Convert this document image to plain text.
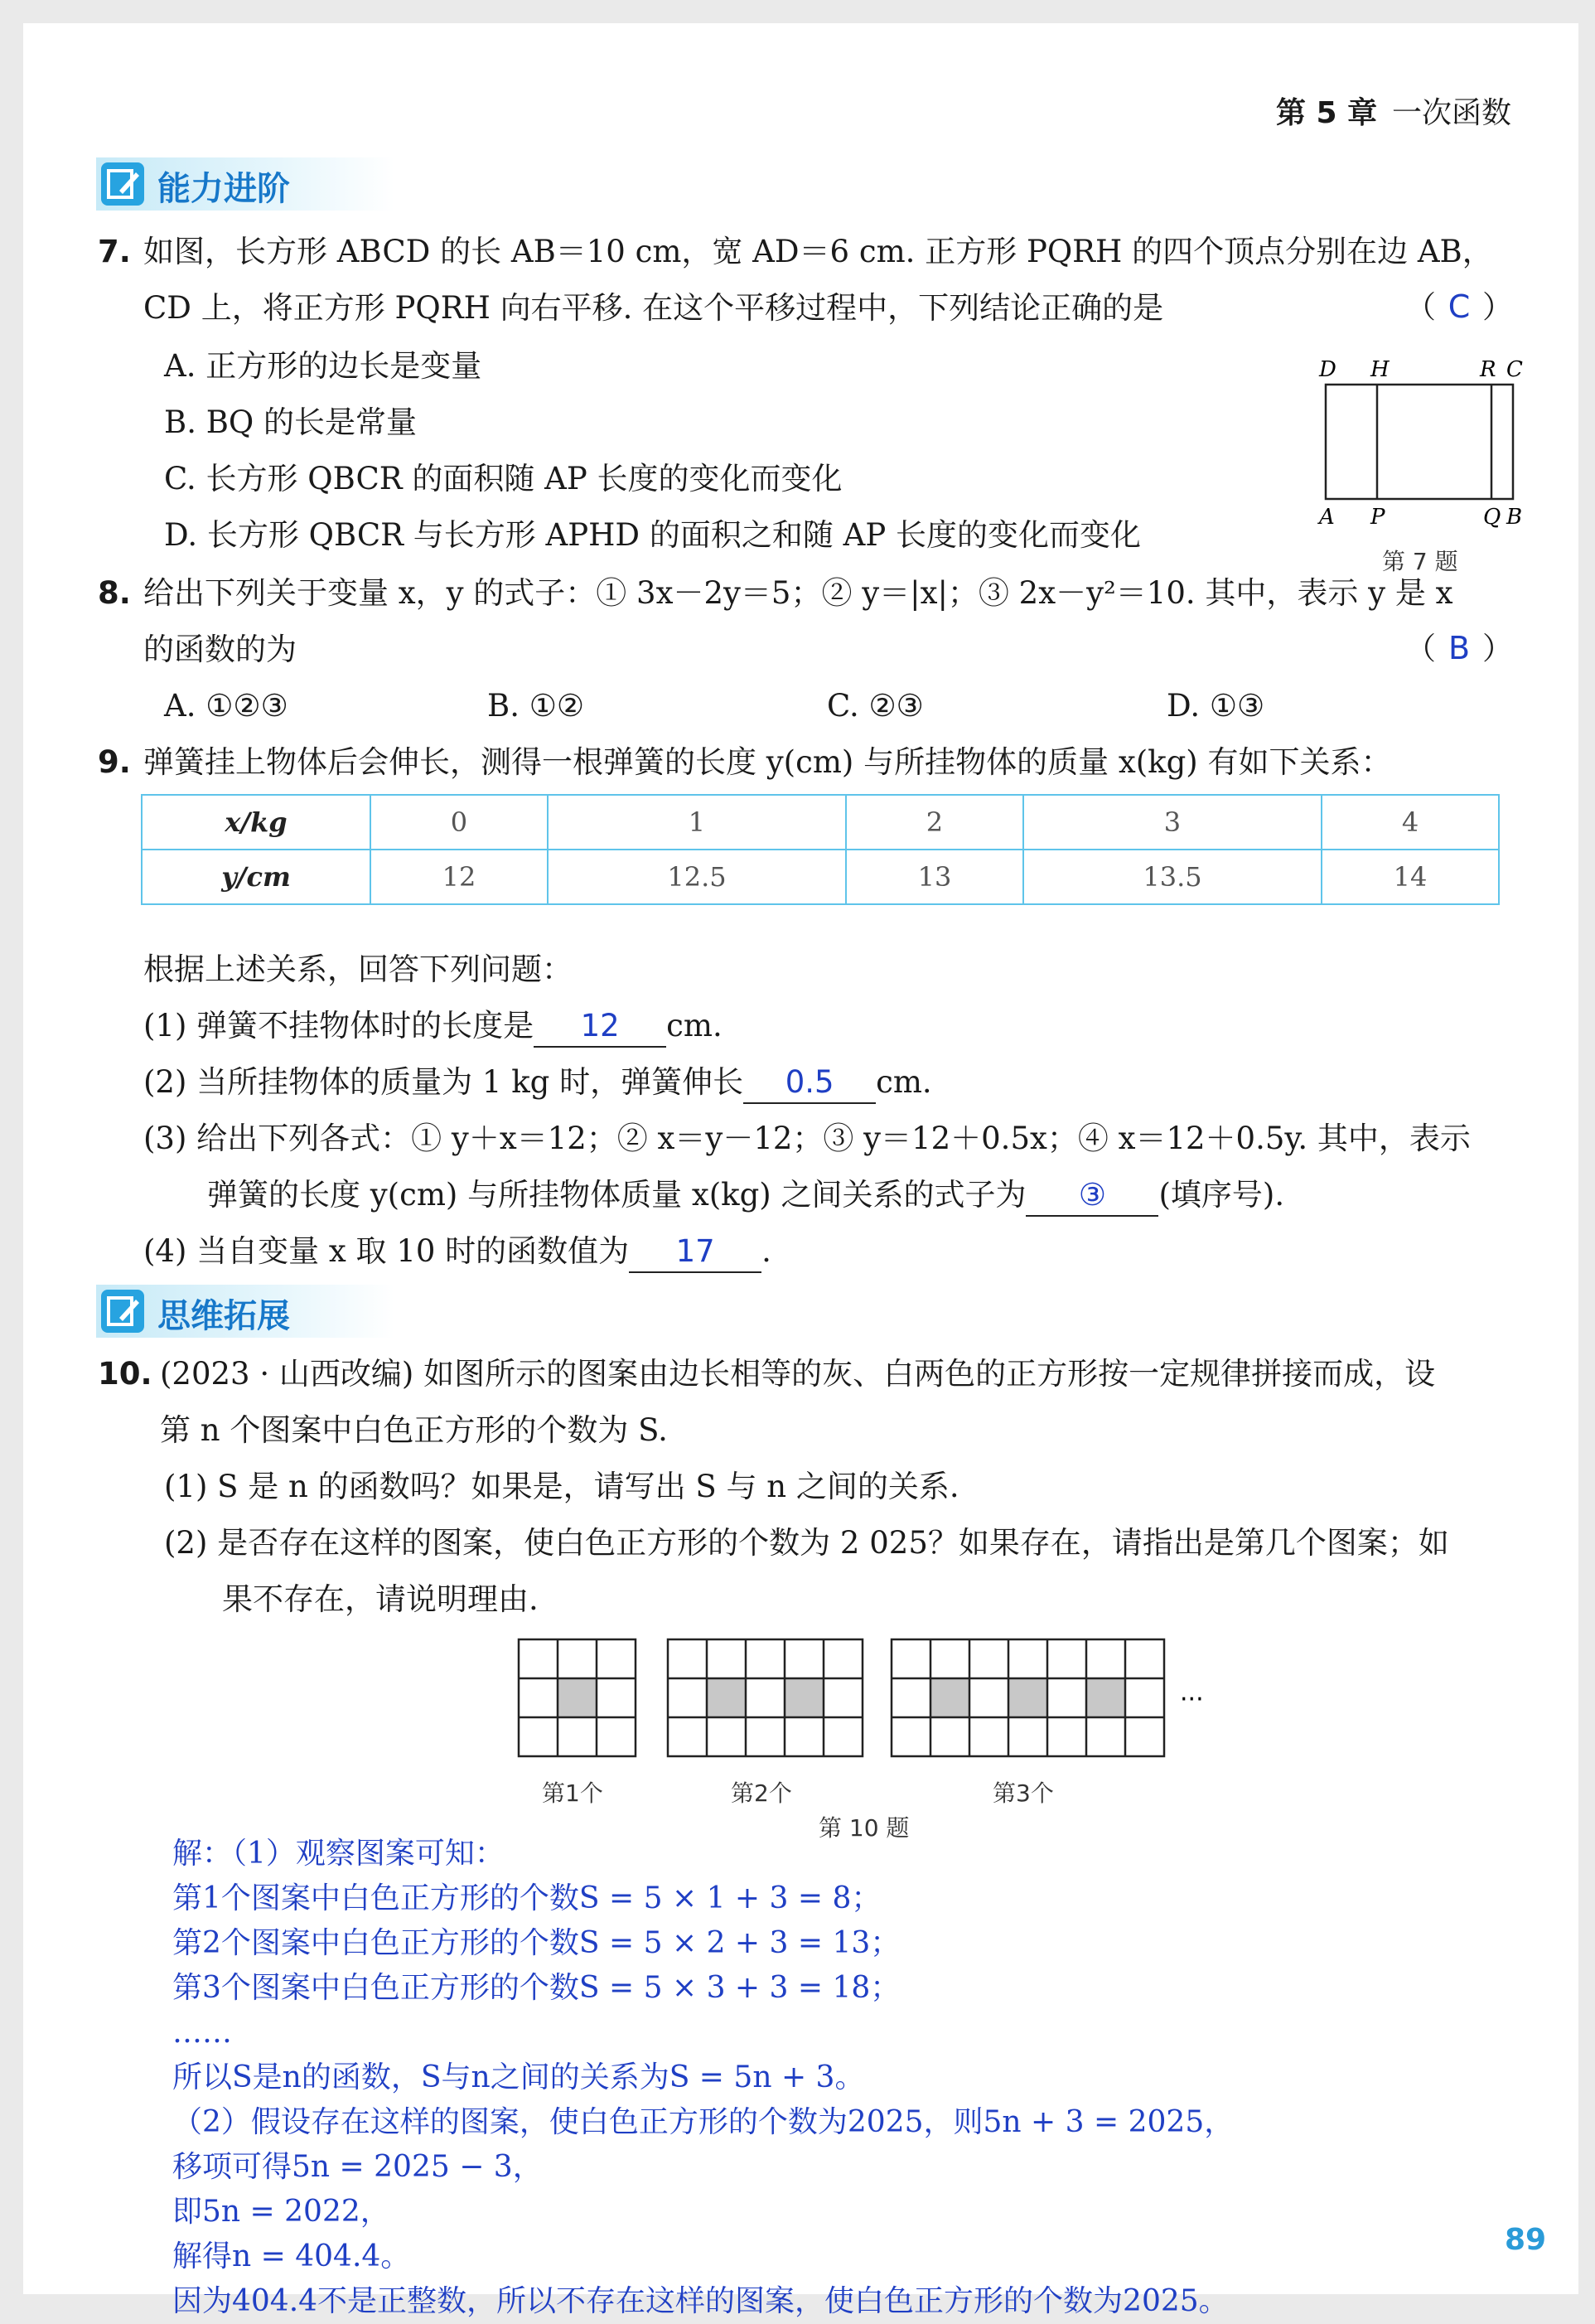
第 5 章 一次函数
能力进阶
7. 如图，长方形 ABCD 的长 AB＝10 cm，宽 AD＝6 cm. 正方形 PQRH 的四个顶点分别在边 AB，
CD 上，将正方形 PQRH 向右平移. 在这个平移过程中，下列结论正确的是	（ C ）
A. 正方形的边长是变量
B. BQ 的长是常量
C. 长方形 QBCR 的面积随 AP 长度的变化而变化
D. 长方形 QBCR 与长方形 APHD 的面积之和随 AP 长度的变化而变化
D H	R C
A P	Q B
第 7 题
8. 给出下列关于变量 x，y 的式子：① 3x－2y＝5；② y＝|x|；③ 2x－y²＝10. 其中，表示 y 是 x
的函数的为	（ B ）
A. ①②③	B. ①②	C. ②③	D. ①③
9. 弹簧挂上物体后会伸长，测得一根弹簧的长度 y(cm) 与所挂物体的质量 x(kg) 有如下关系：
x/kg	0	1	2	3	4
y/cm	12	12.5	13	13.5	14
根据上述关系，回答下列问题：
(1) 弹簧不挂物体时的长度是 12 cm.
(2) 当所挂物体的质量为 1 kg 时，弹簧伸长 0.5 cm.
(3) 给出下列各式：① y＋x＝12；② x＝y－12；③ y＝12＋0.5x；④ x＝12＋0.5y. 其中，表示
弹簧的长度 y(cm) 与所挂物体质量 x(kg) 之间关系的式子为 ③ (填序号).
(4) 当自变量 x 取 10 时的函数值为 17 .
思维拓展
10. (2023 · 山西改编) 如图所示的图案由边长相等的灰、白两色的正方形按一定规律拼接而成，设
第 n 个图案中白色正方形的个数为 S.
(1) S 是 n 的函数吗？如果是，请写出 S 与 n 之间的关系.
(2) 是否存在这样的图案，使白色正方形的个数为 2 025？如果存在，请指出是第几个图案；如
果不存在，请说明理由.
···
第1个	第2个	第3个
第 10 题
解：（1）观察图案可知：
第1个图案中白色正方形的个数S = 5 × 1 + 3 = 8；
第2个图案中白色正方形的个数S = 5 × 2 + 3 = 13；
第3个图案中白色正方形的个数S = 5 × 3 + 3 = 18；
……
所以S是n的函数，S与n之间的关系为S = 5n + 3。
（2）假设存在这样的图案，使白色正方形的个数为2025，则5n + 3 = 2025，
移项可得5n = 2025 − 3，
即5n = 2022，
解得n = 404.4。
因为404.4不是正整数，所以不存在这样的图案，使白色正方形的个数为2025。
89
